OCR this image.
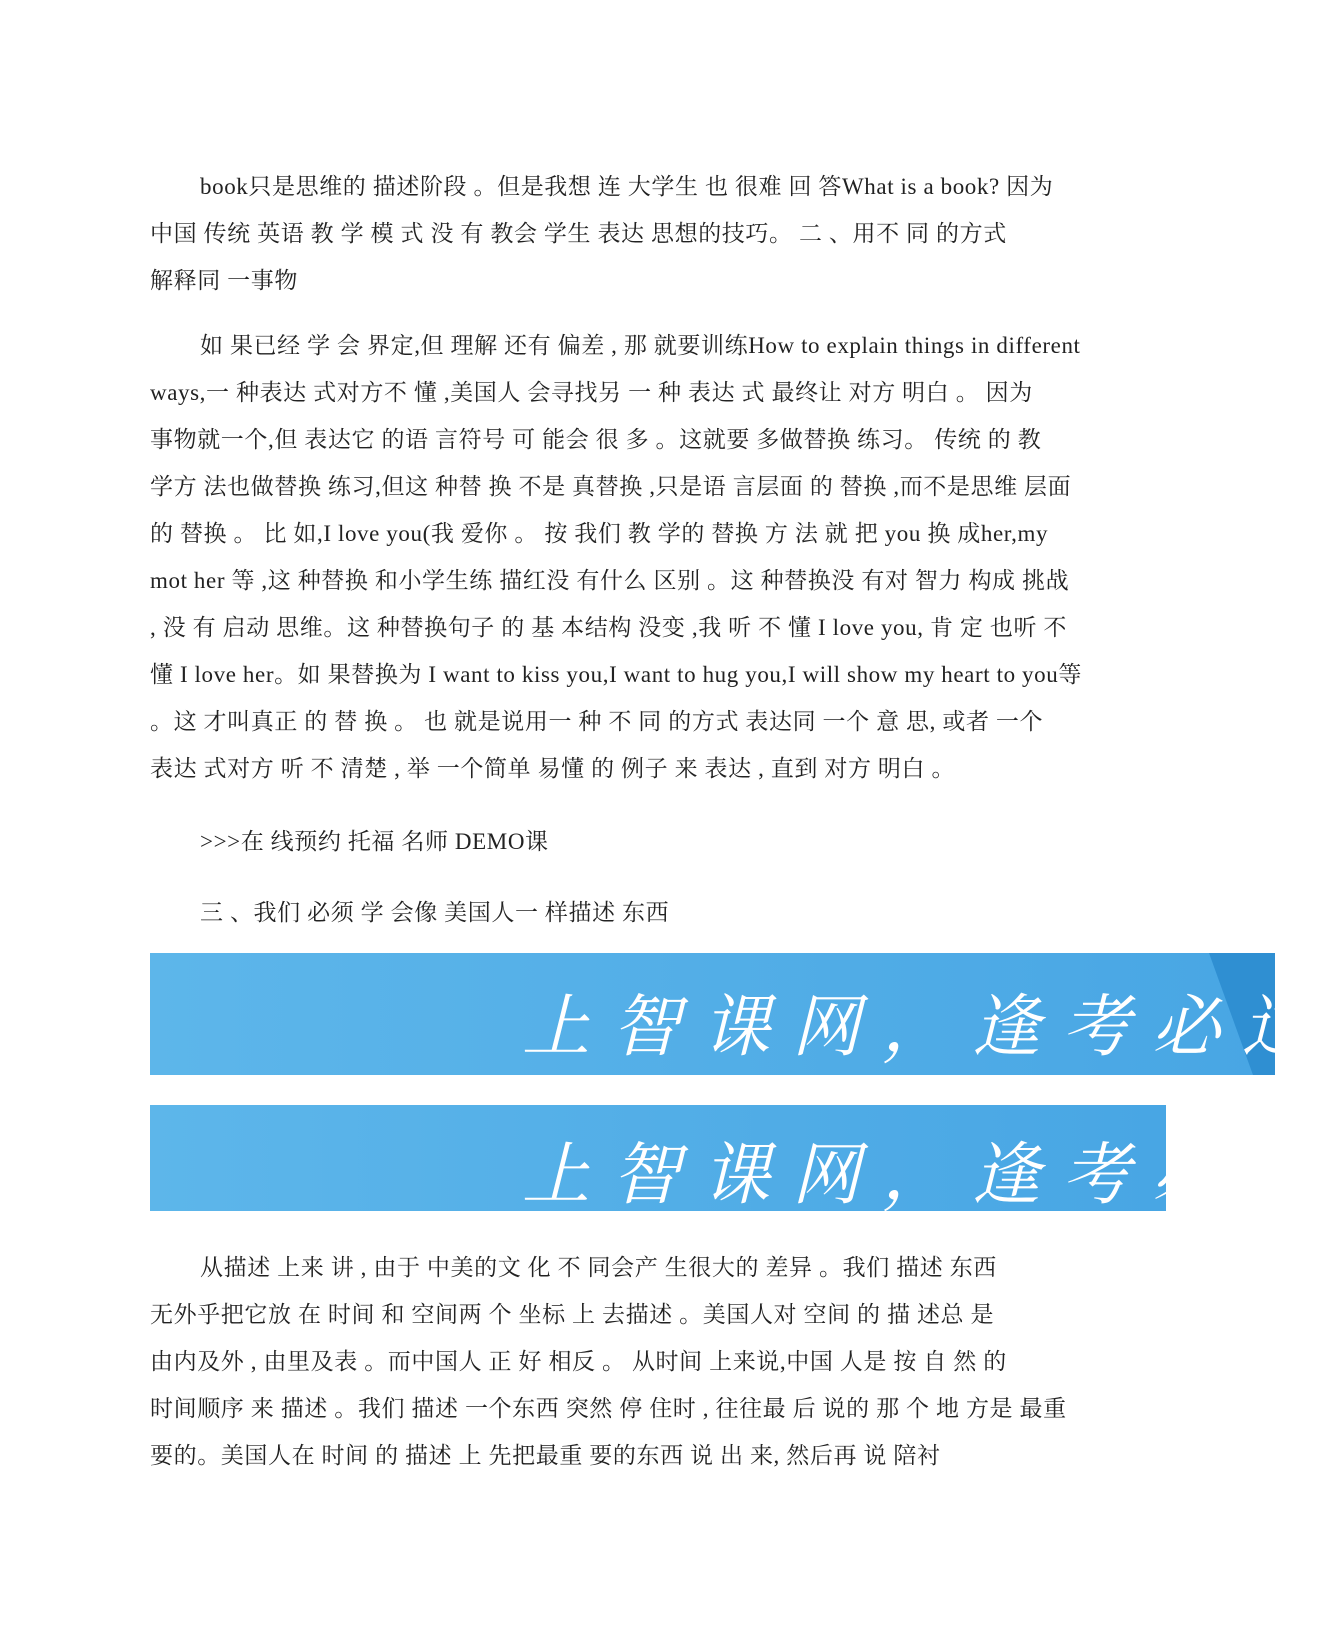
book只是思维的 描述阶段 。但是我想 连 大学生 也 很难 回 答What is a book? 因为
中国 传统 英语 教 学 模 式 没 有 教会 学生 表达 思想的技巧。 二 、用不 同 的方式
解释同 一事物

如 果已经 学 会 界定,但 理解 还有 偏差 , 那 就要训练How to explain things in different
ways,一 种表达 式对方不 懂 ,美国人 会寻找另 一 种 表达 式 最终让 对方 明白 。 因为
事物就一个,但 表达它 的语 言符号 可 能会 很 多 。这就要 多做替换 练习。 传统 的 教
学方 法也做替换 练习,但这 种替 换 不是 真替换 ,只是语 言层面 的 替换 ,而不是思维 层面
的 替换 。 比 如,I love you(我 爱你 。 按 我们 教 学的 替换 方 法 就 把 you 换 成her,my
mot her 等 ,这 种替换 和小学生练 描红没 有什么 区别 。这 种替换没 有对 智力 构成 挑战
, 没 有 启动 思维。这 种替换句子 的 基 本结构 没变 ,我 听 不 懂 I love you, 肯 定 也听 不
懂 I love her。如 果替换为 I want to kiss you,I want to hug you,I will show my heart to you等
。这 才叫真正 的 替 换 。 也 就是说用一 种 不 同 的方式 表达同 一个 意 思, 或者 一个
表达 式对方 听 不 清楚 , 举 一个简单 易懂 的 例子 来 表达 , 直到 对方 明白 。

>>>在 线预约 托福 名师 DEMO课

三 、我们 必须 学 会像 美国人一 样描述 东西

上智课网，逢考必过
上智课网，逢考必过

从描述 上来 讲 , 由于 中美的文 化 不 同会产 生很大的 差异 。我们 描述 东西
无外乎把它放 在 时间 和 空间两 个 坐标 上 去描述 。美国人对 空间 的 描 述总 是
由内及外 , 由里及表 。而中国人 正 好 相反 。 从时间 上来说,中国 人是 按 自 然 的
时间顺序 来 描述 。我们 描述 一个东西 突然 停 住时 , 往往最 后 说的 那 个 地 方是 最重
要的。美国人在 时间 的 描述 上 先把最重 要的东西 说 出 来, 然后再 说 陪衬
